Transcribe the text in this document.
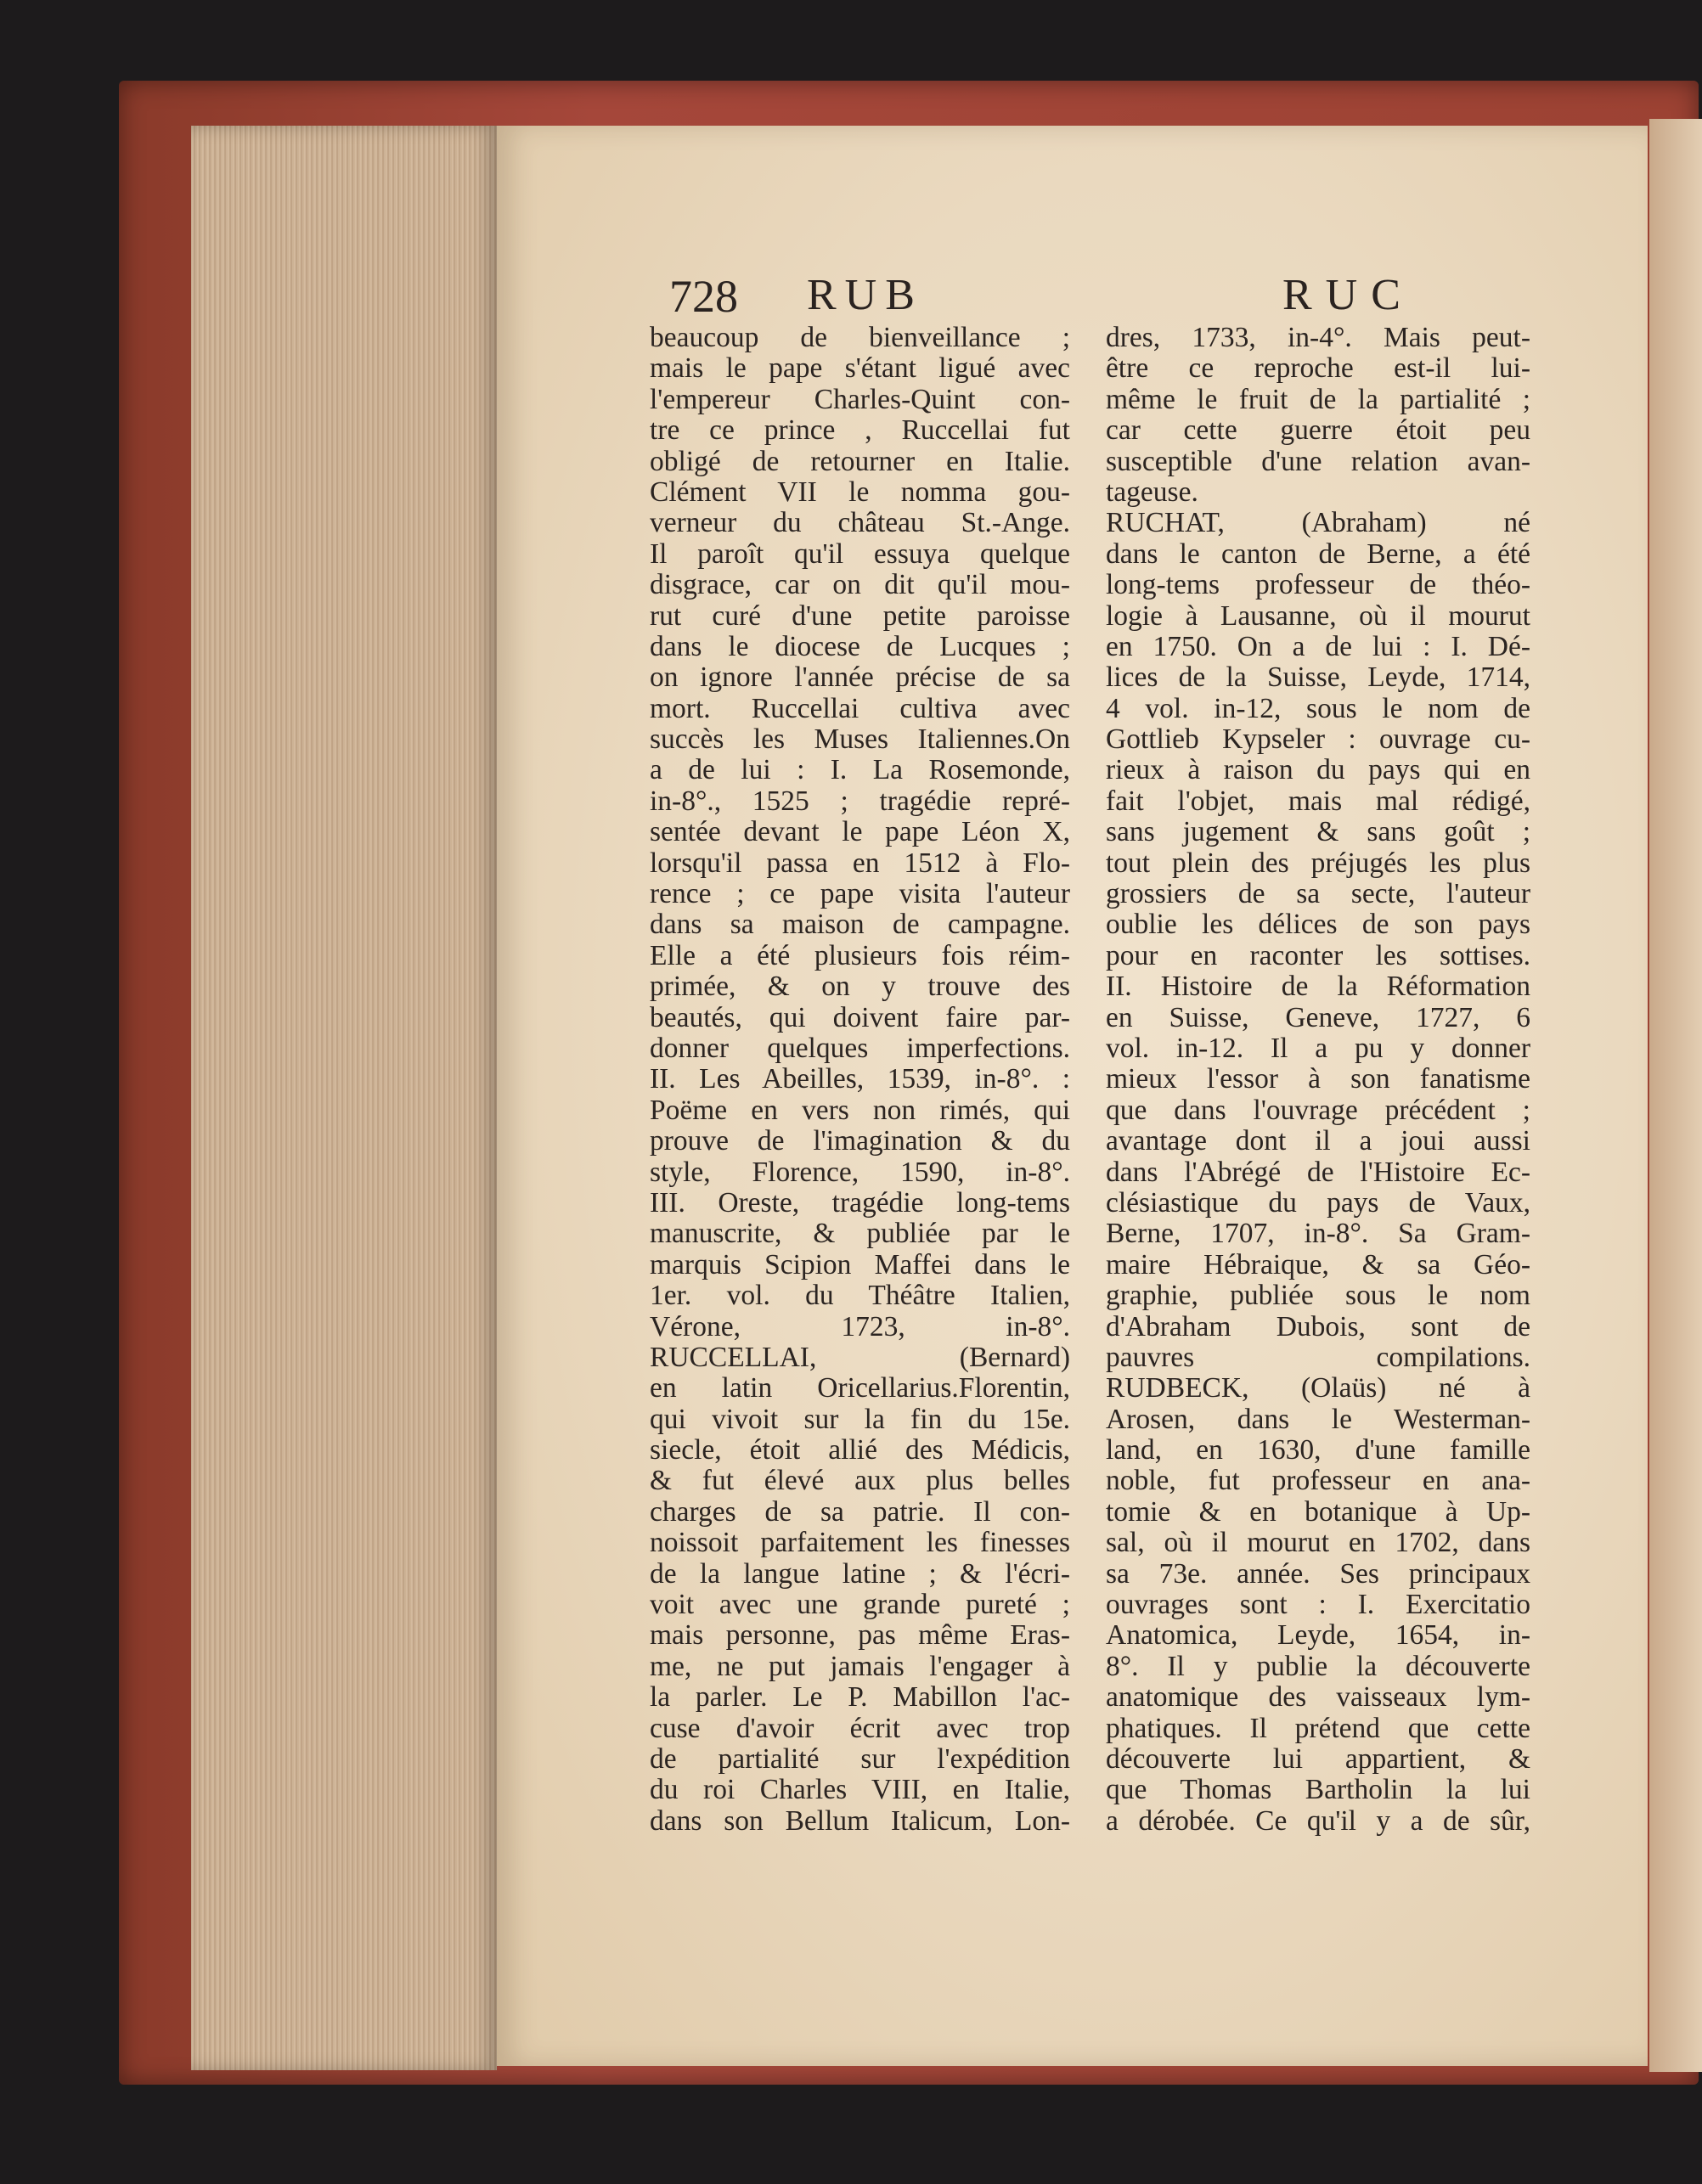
728 RUB	RUC
beaucoup de bienveillance ;
mais le pape s'étant ligué avec
l'empereur Charles-Quint con-
tre ce prince , Ruccellai fut
obligé de retourner en Italie.
Clément VII le nomma gou-
verneur du château St.-Ange.
Il paroît qu'il essuya quelque
disgrace, car on dit qu'il mou-
rut curé d'une petite paroisse
dans le diocese de Lucques ;
on ignore l'année précise de sa
mort. Ruccellai cultiva avec
succès les Muses Italiennes.On
a de lui : I. La Rosemonde,
in-8°., 1525 ; tragédie repré-
sentée devant le pape Léon X,
lorsqu'il passa en 1512 à Flo-
rence ; ce pape visita l'auteur
dans sa maison de campagne.
Elle a été plusieurs fois réim-
primée, & on y trouve des
beautés, qui doivent faire par-
donner quelques imperfections.
II. Les Abeilles, 1539, in-8°. :
Poëme en vers non rimés, qui
prouve de l'imagination & du
style, Florence, 1590, in-8°.
III. Oreste, tragédie long-tems
manuscrite, & publiée par le
marquis Scipion Maffei dans le
1er. vol. du Théâtre Italien,
Vérone, 1723, in-8°.
RUCCELLAI, (Bernard)
en latin Oricellarius.Florentin,
qui vivoit sur la fin du 15e.
siecle, étoit allié des Médicis,
& fut élevé aux plus belles
charges de sa patrie. Il con-
noissoit parfaitement les finesses
de la langue latine ; & l'écri-
voit avec une grande pureté ;
mais personne, pas même Eras-
me, ne put jamais l'engager à
la parler. Le P. Mabillon l'ac-
cuse d'avoir écrit avec trop
de partialité sur l'expédition
du roi Charles VIII, en Italie,
dans son Bellum Italicum, Lon-
dres, 1733, in-4°. Mais peut-
être ce reproche est-il lui-
même le fruit de la partialité ;
car cette guerre étoit peu
susceptible d'une relation avan-
tageuse.
RUCHAT, (Abraham) né
dans le canton de Berne, a été
long-tems professeur de théo-
logie à Lausanne, où il mourut
en 1750. On a de lui : I. Dé-
lices de la Suisse, Leyde, 1714,
4 vol. in-12, sous le nom de
Gottlieb Kypseler : ouvrage cu-
rieux à raison du pays qui en
fait l'objet, mais mal rédigé,
sans jugement & sans goût ;
tout plein des préjugés les plus
grossiers de sa secte, l'auteur
oublie les délices de son pays
pour en raconter les sottises.
II. Histoire de la Réformation
en Suisse, Geneve, 1727, 6
vol. in-12. Il a pu y donner
mieux l'essor à son fanatisme
que dans l'ouvrage précédent ;
avantage dont il a joui aussi
dans l'Abrégé de l'Histoire Ec-
clésiastique du pays de Vaux,
Berne, 1707, in-8°. Sa Gram-
maire Hébraique, & sa Géo-
graphie, publiée sous le nom
d'Abraham Dubois, sont de
pauvres compilations.
RUDBECK, (Olaüs) né à
Arosen, dans le Westerman-
land, en 1630, d'une famille
noble, fut professeur en ana-
tomie & en botanique à Up-
sal, où il mourut en 1702, dans
sa 73e. année. Ses principaux
ouvrages sont : I. Exercitatio
Anatomica, Leyde, 1654, in-
8°. Il y publie la découverte
anatomique des vaisseaux lym-
phatiques. Il prétend que cette
découverte lui appartient, &
que Thomas Bartholin la lui
a dérobée. Ce qu'il y a de sûr,
